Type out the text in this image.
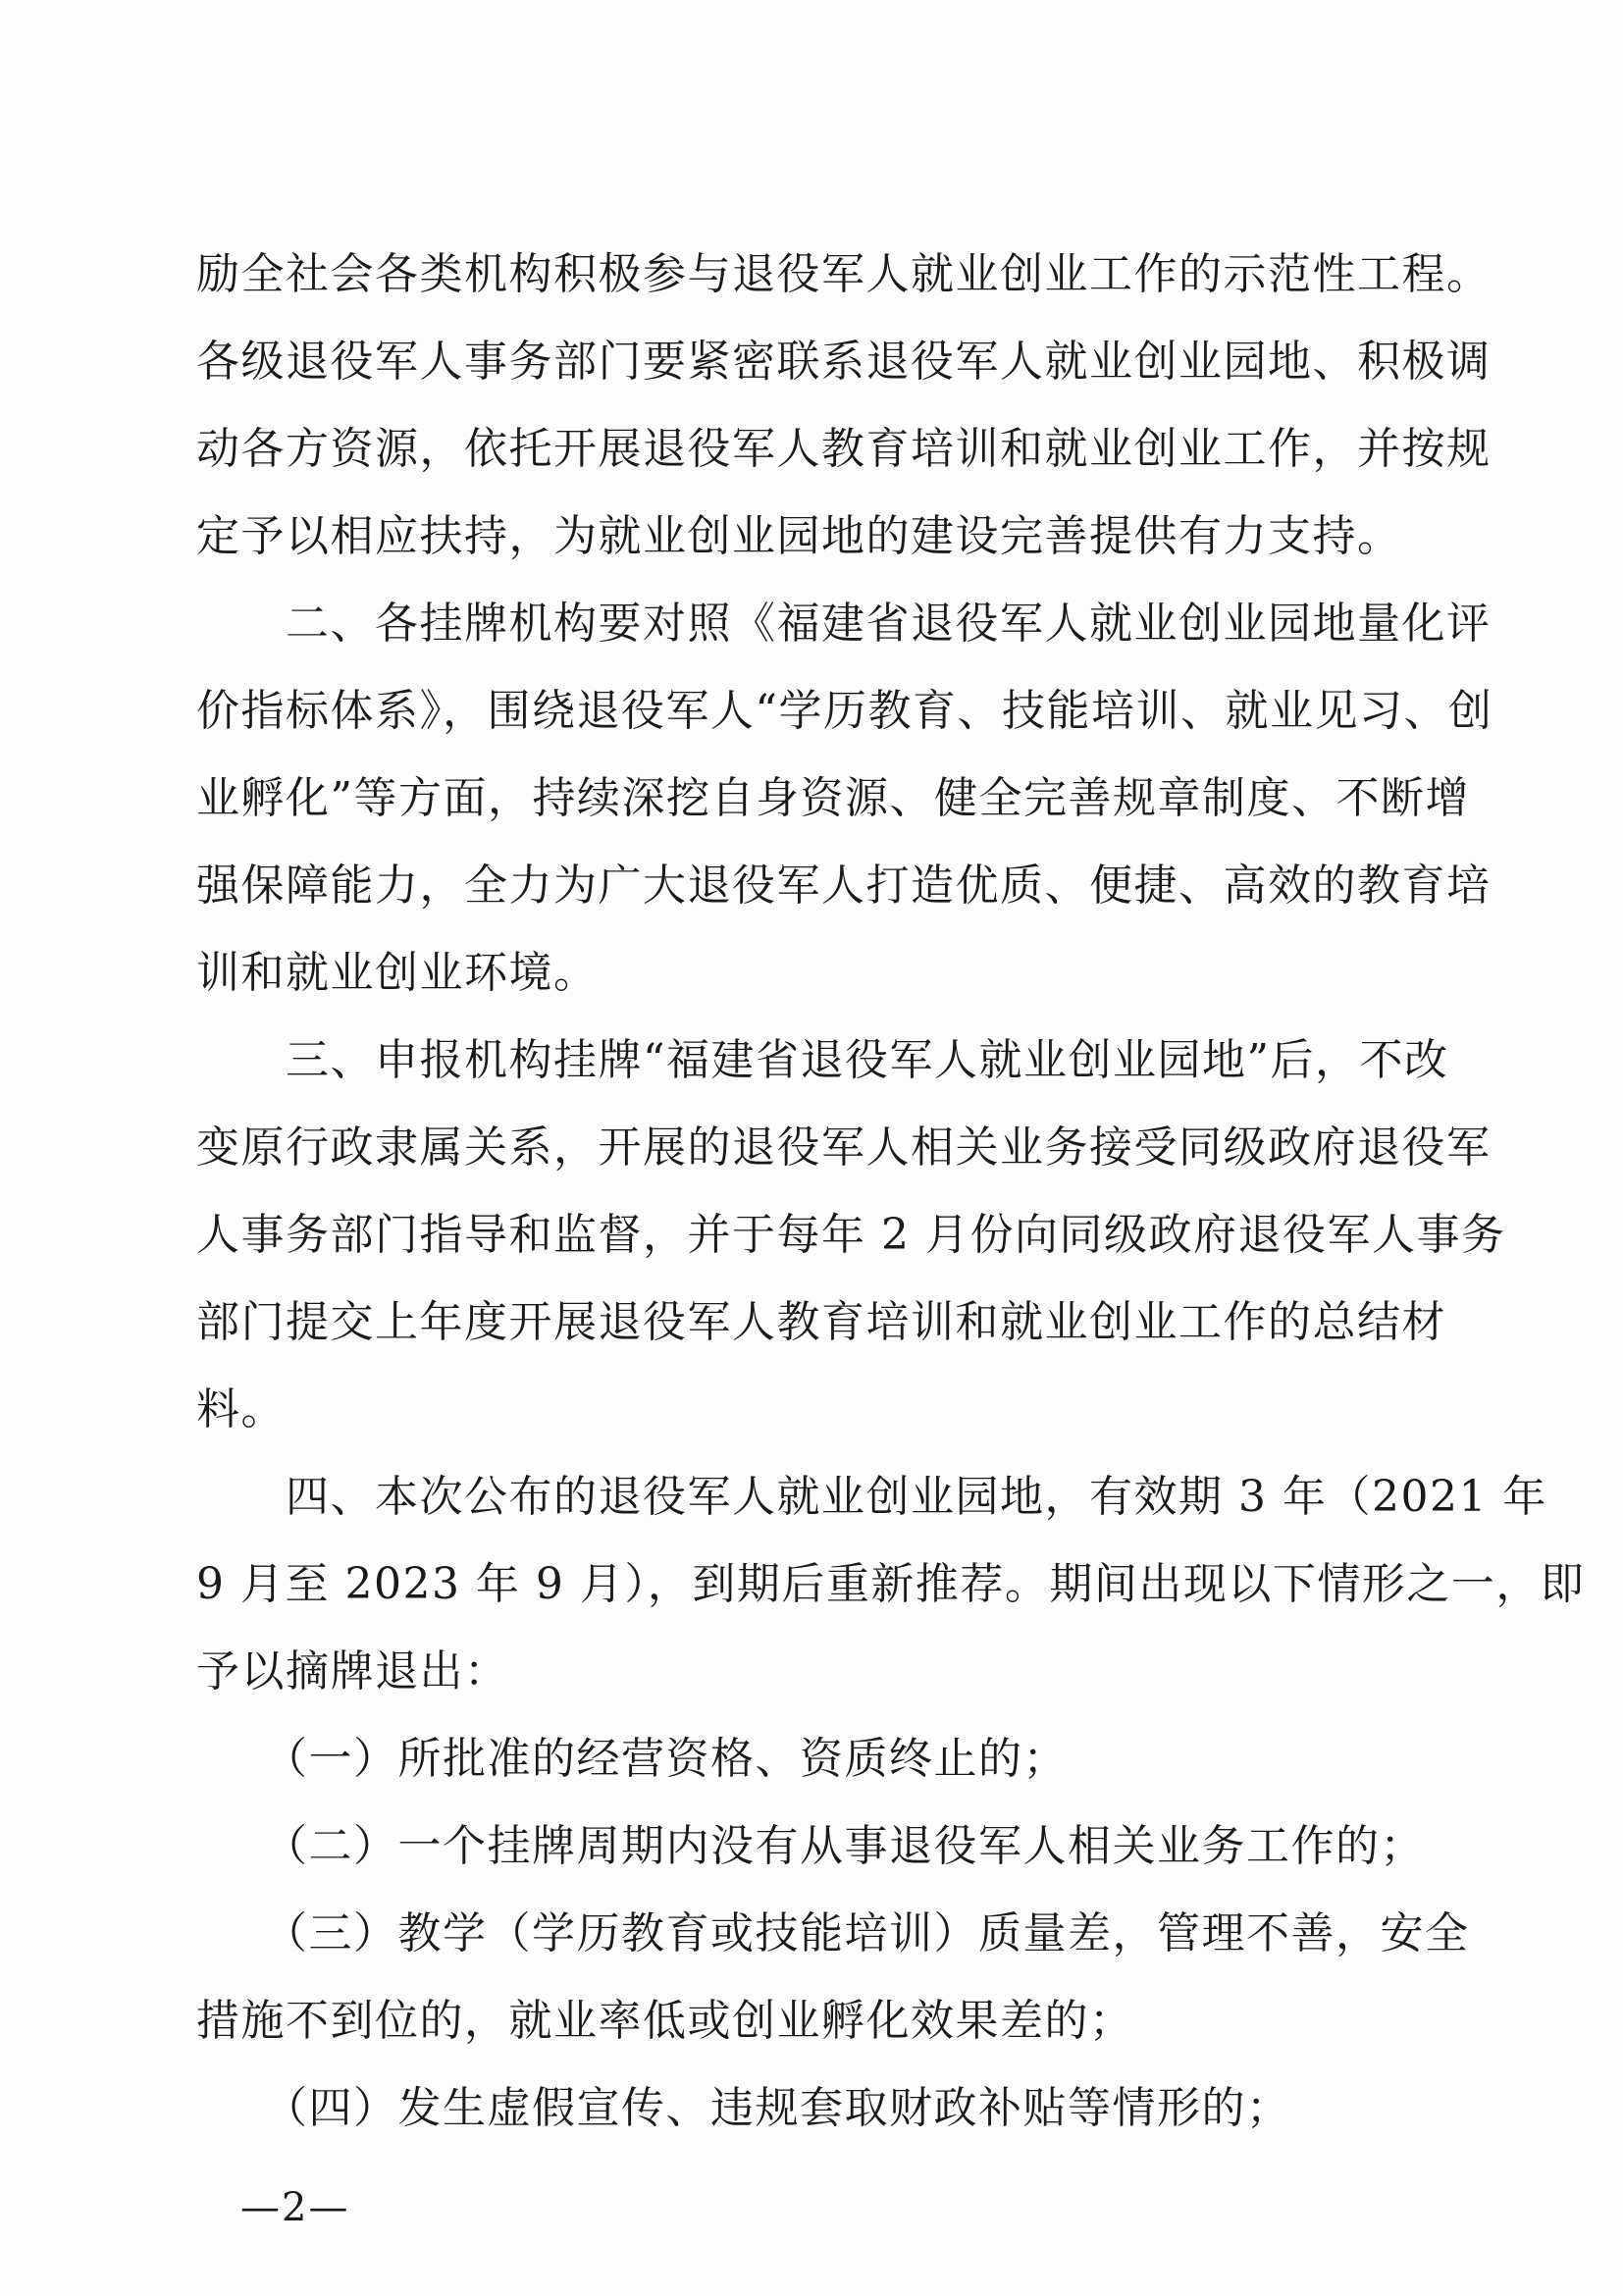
励全社会各类机构积极参与退役军人就业创业工作的示范性工程。
各级退役军人事务部门要紧密联系退役军人就业创业园地、积极调
动各方资源，依托开展退役军人教育培训和就业创业工作，并按规
定予以相应扶持，为就业创业园地的建设完善提供有力支持。
　　二、各挂牌机构要对照《福建省退役军人就业创业园地量化评
价指标体系》，围绕退役军人“学历教育、技能培训、就业见习、创
业孵化”等方面，持续深挖自身资源、健全完善规章制度、不断增
强保障能力，全力为广大退役军人打造优质、便捷、高效的教育培
训和就业创业环境。
　　三、申报机构挂牌“福建省退役军人就业创业园地”后，不改
变原行政隶属关系，开展的退役军人相关业务接受同级政府退役军
人事务部门指导和监督，并于每年 2 月份向同级政府退役军人事务
部门提交上年度开展退役军人教育培训和就业创业工作的总结材
料。
　　四、本次公布的退役军人就业创业园地，有效期 3 年（2021 年
9 月至 2023 年 9 月），到期后重新推荐。期间出现以下情形之一，即
予以摘牌退出：
　　（一）所批准的经营资格、资质终止的；
　　（二）一个挂牌周期内没有从事退役军人相关业务工作的；
　　（三）教学（学历教育或技能培训）质量差，管理不善，安全
措施不到位的，就业率低或创业孵化效果差的；
　　（四）发生虚假宣传、违规套取财政补贴等情形的；
—2—
